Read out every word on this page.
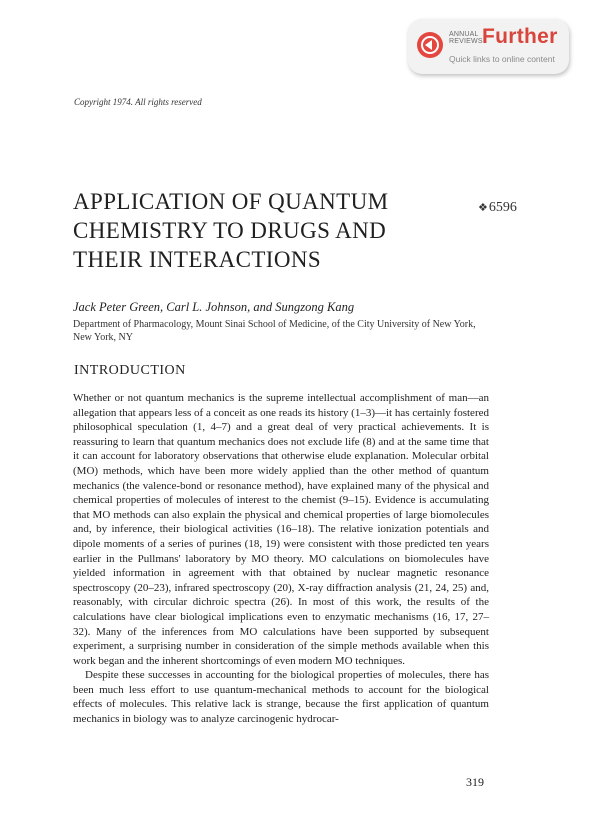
ANNUAL
REVIEWS Further
Quick links to online content
Copyright 1974. All rights reserved
APPLICATION OF QUANTUM
CHEMISTRY TO DRUGS AND
THEIR INTERACTIONS
❖6596
Jack Peter Green, Carl L. Johnson, and Sungzong Kang
Department of Pharmacology, Mount Sinai School of Medicine, of the City University of New York, New York, NY
INTRODUCTION

Whether or not quantum mechanics is the supreme intellectual accomplishment of man—an allegation that appears less of a conceit as one reads its history (1–3)—it has certainly fostered philosophical speculation (1, 4–7) and a great deal of very practical achievements. It is reassuring to learn that quantum mechanics does not exclude life (8) and at the same time that it can account for laboratory observations that otherwise elude explanation. Molecular orbital (MO) methods, which have been more widely applied than the other method of quantum mechanics (the valence-bond or resonance method), have explained many of the physical and chemical properties of molecules of interest to the chemist (9–15). Evidence is accumulating that MO methods can also explain the physical and chemical properties of large biomolecules and, by inference, their biological activities (16–18). The relative ionization potentials and dipole moments of a series of purines (18, 19) were consistent with those predicted ten years earlier in the Pullmans' laboratory by MO theory. MO calculations on biomolecules have yielded information in agreement with that obtained by nuclear magnetic resonance spectroscopy (20–23), infrared spectroscopy (20), X-ray diffraction analysis (21, 24, 25) and, reasonably, with circular dichroic spectra (26). In most of this work, the results of the calculations have clear biological implications even to enzymatic mechanisms (16, 17, 27–32). Many of the inferences from MO calculations have been supported by subsequent experiment, a surprising number in consideration of the simple methods available when this work began and the inherent shortcomings of even modern MO techniques.

Despite these successes in accounting for the biological properties of molecules, there has been much less effort to use quantum-mechanical methods to account for the biological effects of molecules. This relative lack is strange, because the first application of quantum mechanics in biology was to analyze carcinogenic hydrocar-

319
